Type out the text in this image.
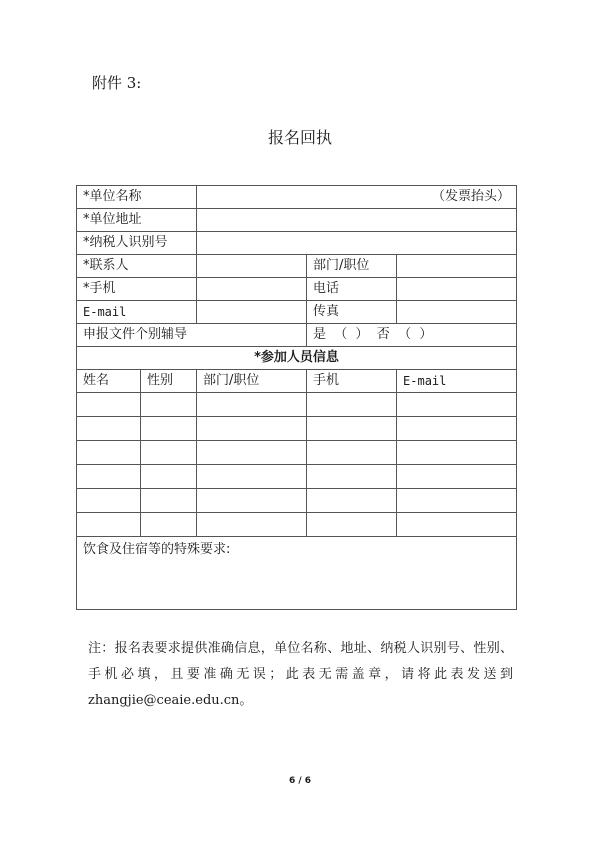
附件 3:
报名回执
*单位名称		（发票抬头）		
*单位地址				
*纳税人识别号				
*联系人			部门/职位	
*手机			电话	
E-mail			传真	
申报文件个别辅导			是  （  ）  否  （  ）	
*参加人员信息				
姓名	性别	部门/职位	手机	E-mail

饮食及住宿等的特殊要求:				
注：报名表要求提供准确信息，单位名称、地址、纳税人识别号、性别、手机必填，且要准确无误；此表无需盖章，请将此表发送到zhangjie@ceaie.edu.cn。
6 / 6
